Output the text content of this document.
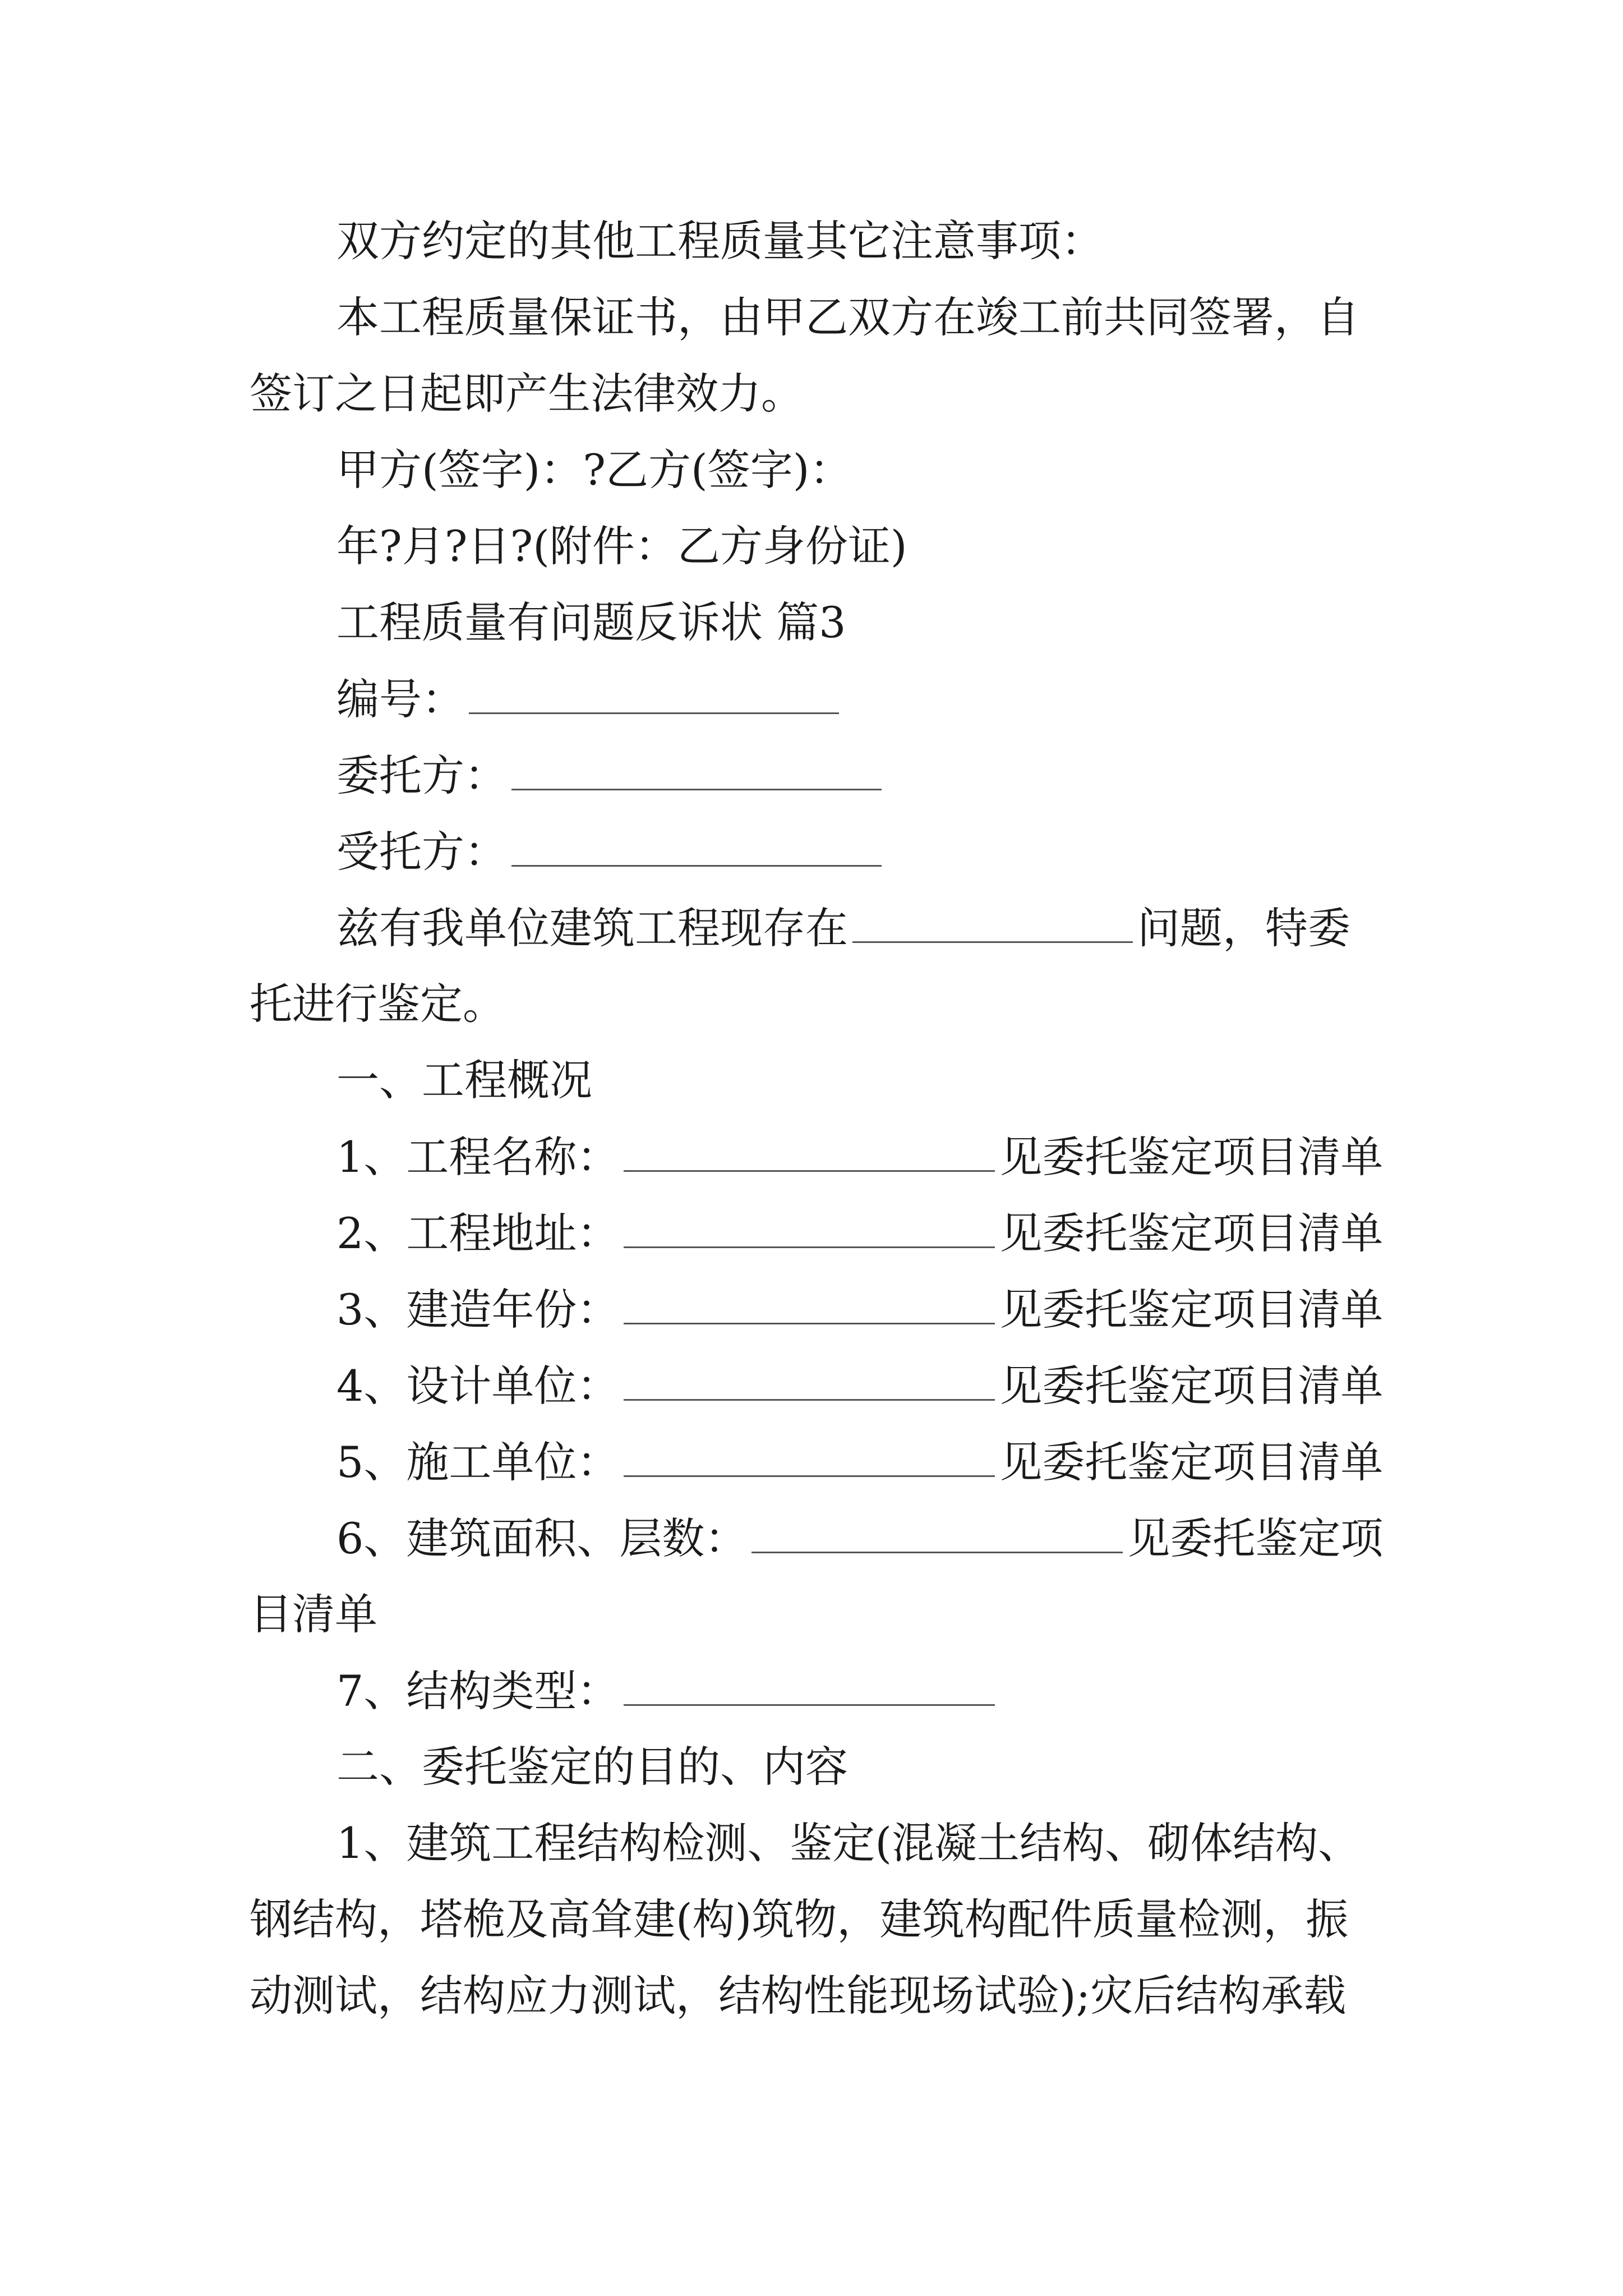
双方约定的其他工程质量其它注意事项：
本工程质量保证书，由甲乙双方在竣工前共同签署，自
签订之日起即产生法律效力。
甲方(签字)：?乙方(签字)：
年?月?日?(附件：乙方身份证)
工程质量有问题反诉状 篇3
编号：
委托方：
受托方：
兹有我单位建筑工程现存在	问题，特委
托进行鉴定。
一、工程概况
1、工程名称：	见委托鉴定项目清单
2、工程地址：	见委托鉴定项目清单
3、建造年份：	见委托鉴定项目清单
4、设计单位：	见委托鉴定项目清单
5、施工单位：	见委托鉴定项目清单
6、建筑面积、层数：	见委托鉴定项
目清单
7、结构类型：
二、委托鉴定的目的、内容
1、建筑工程结构检测、鉴定(混凝土结构、砌体结构、
钢结构，塔桅及高耸建(构)筑物，建筑构配件质量检测，振
动测试，结构应力测试，结构性能现场试验);灾后结构承载
